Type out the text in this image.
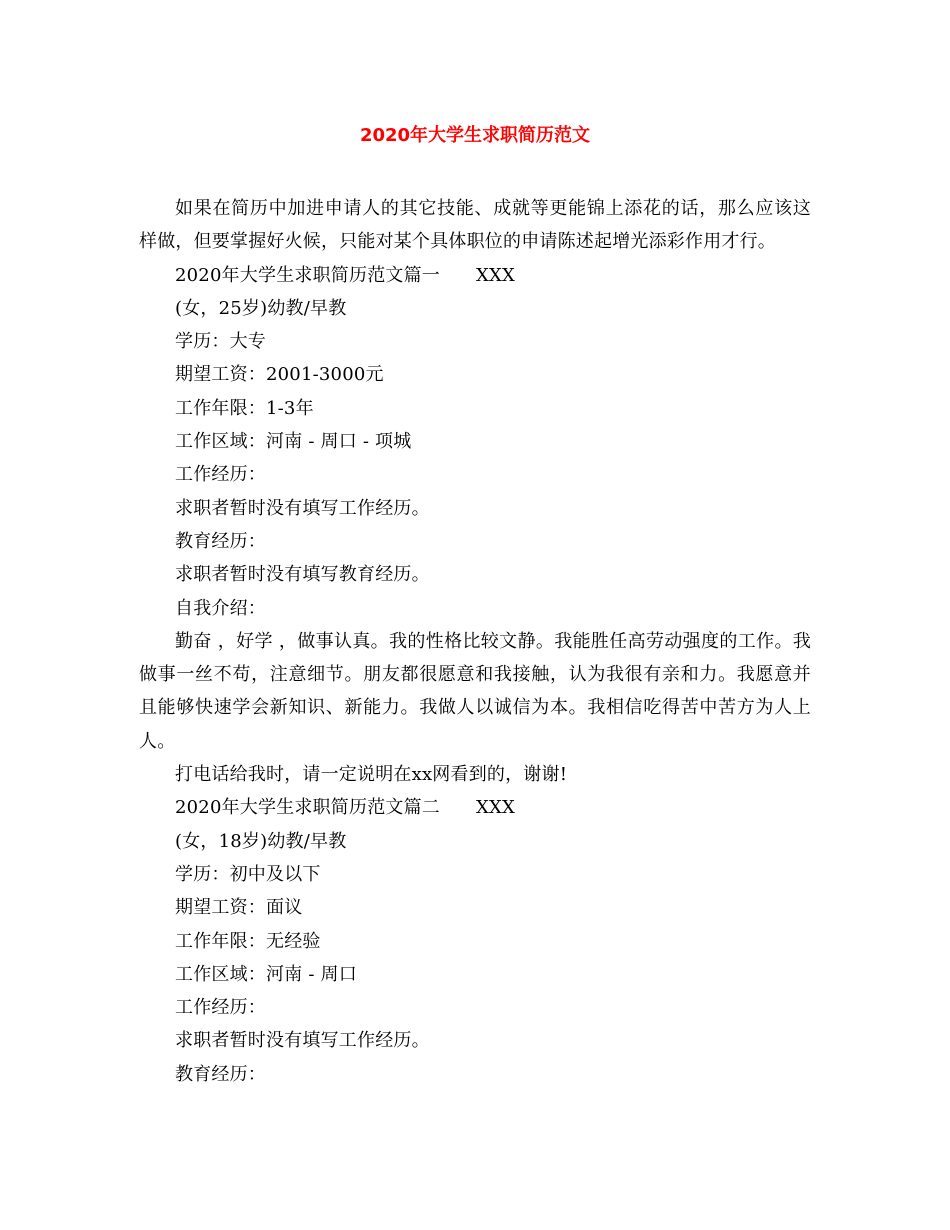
2020年大学生求职简历范文

如果在简历中加进申请人的其它技能、成就等更能锦上添花的话，那么应该这样做，但要掌握好火候，只能对某个具体职位的申请陈述起增光添彩作用才行。

2020年大学生求职简历范文篇一 XXX

(女，25岁)幼教/早教

学历：大专

期望工资：2001-3000元

工作年限：1-3年

工作区域：河南 - 周口 - 项城

工作经历：

求职者暂时没有填写工作经历。

教育经历：

求职者暂时没有填写教育经历。

自我介绍：

勤奋 ，好学 ，做事认真。我的性格比较文静。我能胜任高劳动强度的工作。我做事一丝不苟，注意细节。朋友都很愿意和我接触，认为我很有亲和力。我愿意并且能够快速学会新知识、新能力。我做人以诚信为本。我相信吃得苦中苦方为人上人。

打电话给我时，请一定说明在xx网看到的，谢谢!

2020年大学生求职简历范文篇二 XXX

(女，18岁)幼教/早教

学历：初中及以下

期望工资：面议

工作年限：无经验

工作区域：河南 - 周口

工作经历：

求职者暂时没有填写工作经历。

教育经历：
